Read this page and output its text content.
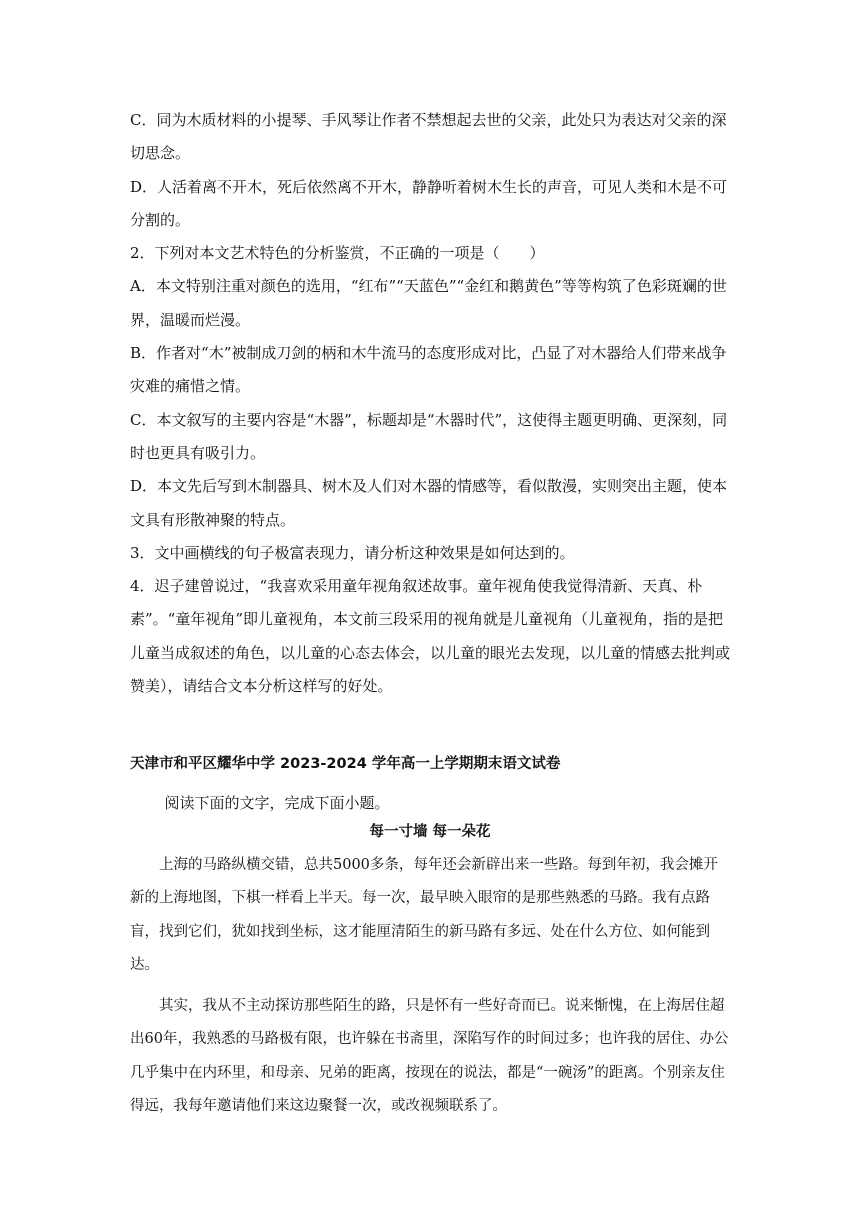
C．同为木质材料的小提琴、手风琴让作者不禁想起去世的父亲，此处只为表达对父亲的深切思念。

D．人活着离不开木，死后依然离不开木，静静听着树木生长的声音，可见人类和木是不可分割的。

2．下列对本文艺术特色的分析鉴赏，不正确的一项是（　　）

A．本文特别注重对颜色的选用，“红布”“天蓝色”“金红和鹅黄色”等等构筑了色彩斑斓的世界，温暖而烂漫。

B．作者对“木”被制成刀剑的柄和木牛流马的态度形成对比，凸显了对木器给人们带来战争灾难的痛惜之情。

C．本文叙写的主要内容是“木器”，标题却是“木器时代”，这使得主题更明确、更深刻，同时也更具有吸引力。

D．本文先后写到木制器具、树木及人们对木器的情感等，看似散漫，实则突出主题，使本文具有形散神聚的特点。

3．文中画横线的句子极富表现力，请分析这种效果是如何达到的。

4．迟子建曾说过，“我喜欢采用童年视角叙述故事。童年视角使我觉得清新、天真、朴素”。“童年视角”即儿童视角，本文前三段采用的视角就是儿童视角（儿童视角，指的是把儿童当成叙述的角色，以儿童的心态去体会，以儿童的眼光去发现，以儿童的情感去批判或赞美），请结合文本分析这样写的好处。

天津市和平区耀华中学 2023-2024 学年高一上学期期末语文试卷

阅读下面的文字，完成下面小题。

每一寸墙 每一朵花

上海的马路纵横交错，总共5000多条，每年还会新辟出来一些路。每到年初，我会摊开新的上海地图，下棋一样看上半天。每一次，最早映入眼帘的是那些熟悉的马路。我有点路盲，找到它们，犹如找到坐标，这才能厘清陌生的新马路有多远、处在什么方位、如何能到达。

其实，我从不主动探访那些陌生的路，只是怀有一些好奇而已。说来惭愧，在上海居住超出60年，我熟悉的马路极有限，也许躲在书斋里，深陷写作的时间过多；也许我的居住、办公几乎集中在内环里，和母亲、兄弟的距离，按现在的说法，都是“一碗汤”的距离。个别亲友住得远，我每年邀请他们来这边聚餐一次，或改视频联系了。
